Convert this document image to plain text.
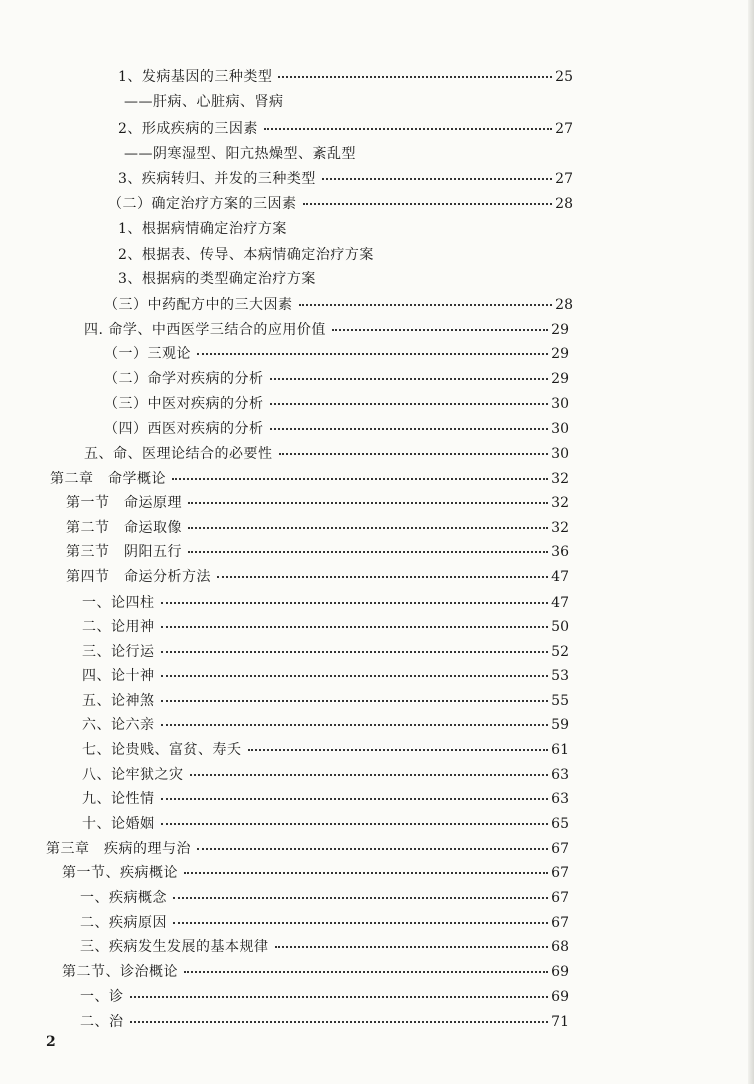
1、发病基因的三种类型	25
——肝病、心脏病、肾病
2、形成疾病的三因素	27
——阴寒湿型、阳亢热燥型、紊乱型
3、疾病转归、并发的三种类型	27
（二）确定治疗方案的三因素	28
1、根据病情确定治疗方案
2、根据表、传导、本病情确定治疗方案
3、根据病的类型确定治疗方案
（三）中药配方中的三大因素	28
四. 命学、中西医学三结合的应用价值	29
（一）三观论	29
（二）命学对疾病的分析	29
（三）中医对疾病的分析	30
（四）西医对疾病的分析	30
五、命、医理论结合的必要性	30
第二章　命学概论	32
第一节　命运原理	32
第二节　命运取像	32
第三节　阴阳五行	36
第四节　命运分析方法	47
一、论四柱	47
二、论用神	50
三、论行运	52
四、论十神	53
五、论神煞	55
六、论六亲	59
七、论贵贱、富贫、寿夭	61
八、论牢狱之灾	63
九、论性情	63
十、论婚姻	65
第三章　疾病的理与治	67
第一节、疾病概论	67
一、疾病概念	67
二、疾病原因	67
三、疾病发生发展的基本规律	68
第二节、诊治概论	69
一、诊	69
二、治	71
2
